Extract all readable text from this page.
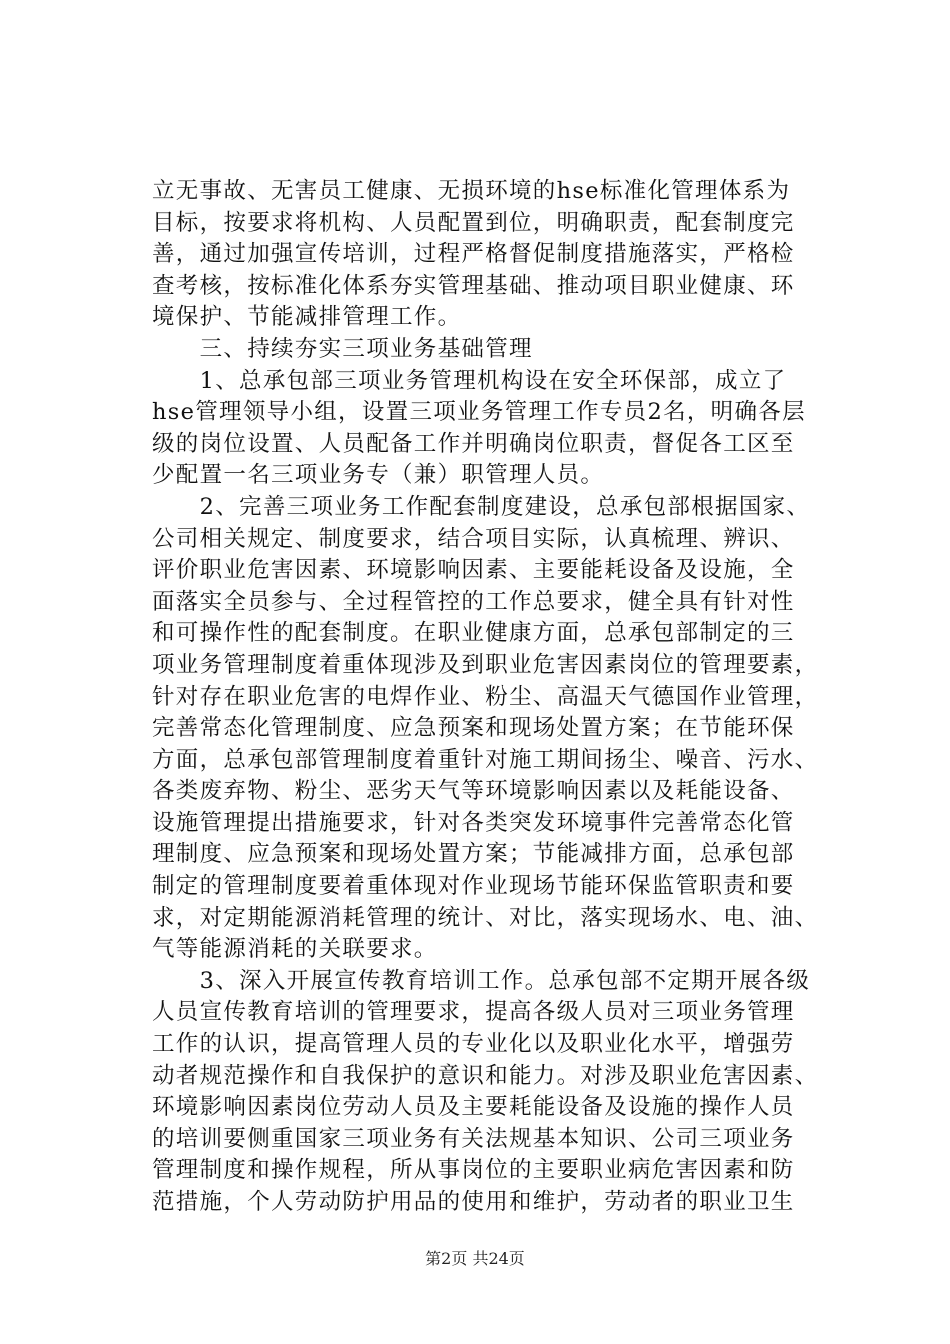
立无事故、无害员工健康、无损环境的hse标准化管理体系为
目标，按要求将机构、人员配置到位，明确职责，配套制度完
善，通过加强宣传培训，过程严格督促制度措施落实，严格检
查考核，按标准化体系夯实管理基础、推动项目职业健康、环
境保护、节能减排管理工作。
　　三、持续夯实三项业务基础管理
　　1、总承包部三项业务管理机构设在安全环保部，成立了
hse管理领导小组，设置三项业务管理工作专员2名，明确各层
级的岗位设置、人员配备工作并明确岗位职责，督促各工区至
少配置一名三项业务专（兼）职管理人员。
　　2、完善三项业务工作配套制度建设，总承包部根据国家、
公司相关规定、制度要求，结合项目实际，认真梳理、辨识、
评价职业危害因素、环境影响因素、主要能耗设备及设施，全
面落实全员参与、全过程管控的工作总要求，健全具有针对性
和可操作性的配套制度。在职业健康方面，总承包部制定的三
项业务管理制度着重体现涉及到职业危害因素岗位的管理要素，
针对存在职业危害的电焊作业、粉尘、高温天气德国作业管理，
完善常态化管理制度、应急预案和现场处置方案；在节能环保
方面，总承包部管理制度着重针对施工期间扬尘、噪音、污水、
各类废弃物、粉尘、恶劣天气等环境影响因素以及耗能设备、
设施管理提出措施要求，针对各类突发环境事件完善常态化管
理制度、应急预案和现场处置方案；节能减排方面，总承包部
制定的管理制度要着重体现对作业现场节能环保监管职责和要
求，对定期能源消耗管理的统计、对比，落实现场水、电、油、
气等能源消耗的关联要求。
　　3、深入开展宣传教育培训工作。总承包部不定期开展各级
人员宣传教育培训的管理要求，提高各级人员对三项业务管理
工作的认识，提高管理人员的专业化以及职业化水平，增强劳
动者规范操作和自我保护的意识和能力。对涉及职业危害因素、
环境影响因素岗位劳动人员及主要耗能设备及设施的操作人员
的培训要侧重国家三项业务有关法规基本知识、公司三项业务
管理制度和操作规程，所从事岗位的主要职业病危害因素和防
范措施，个人劳动防护用品的使用和维护，劳动者的职业卫生
第2页 共24页
